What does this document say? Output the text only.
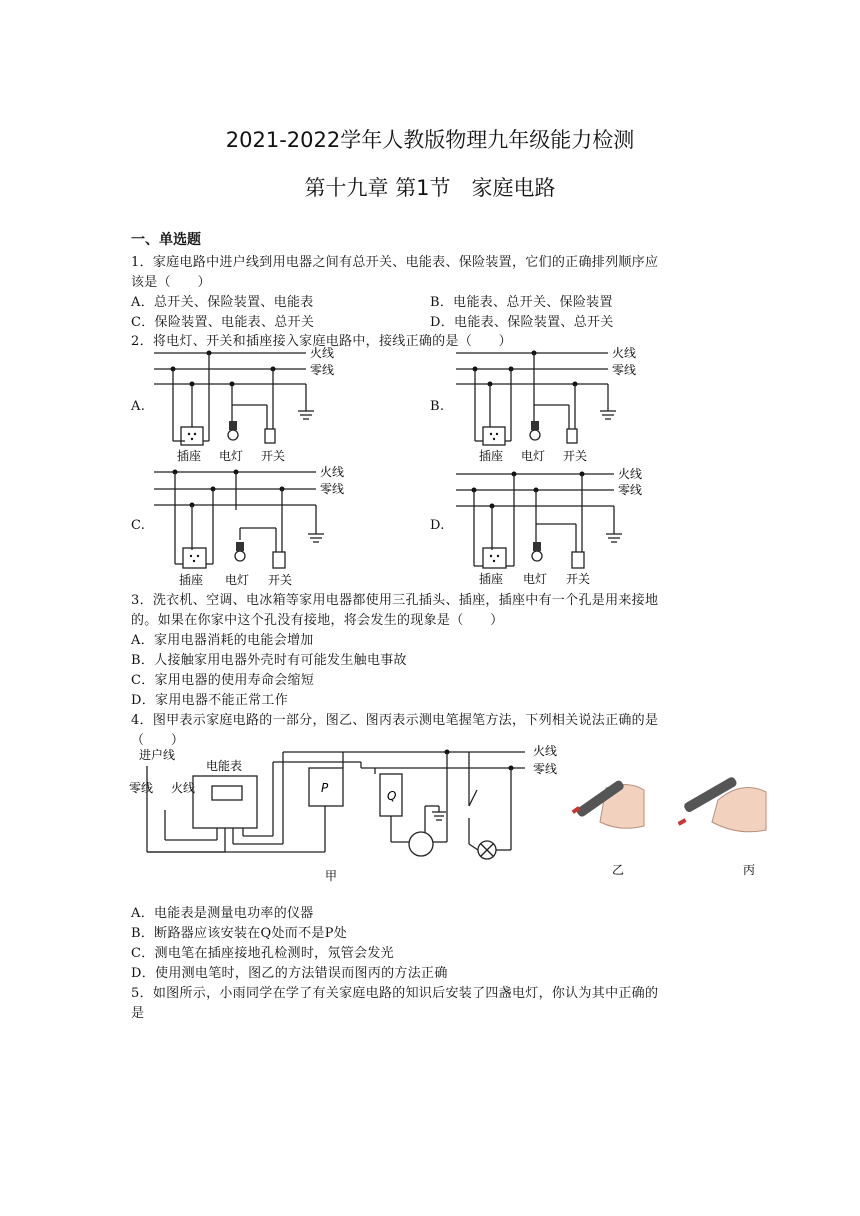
2021-2022学年人教版物理九年级能力检测
第十九章 第1节　家庭电路
一、单选题
1．家庭电路中进户线到用电器之间有总开关、电能表、保险装置，它们的正确排列顺序应
该是（　　）
A．总开关、保险装置、电能表	B．电能表、总开关、保险装置
C．保险装置、电能表、总开关	D．电能表、保险装置、总开关
2．将电灯、开关和插座接入家庭电路中，接线正确的是（　　）
A.	B.
C.	D.
火线
零线
插座 电灯 开关
火线
零线
插座 电灯 开关
火线
零线
插座 电灯 开关
火线
零线
插座 电灯 开关
3．洗衣机、空调、电冰箱等家用电器都使用三孔插头、插座，插座中有一个孔是用来接地
的。如果在你家中这个孔没有接地，将会发生的现象是（　　）
A．家用电器消耗的电能会增加
B．人接触家用电器外壳时有可能发生触电事故
C．家用电器的使用寿命会缩短
D．家用电器不能正常工作
4．图甲表示家庭电路的一部分，图乙、图丙表示测电笔握笔方法，下列相关说法正确的是
（　　）
进户线
电能表
零线 火线
火线
零线
P
Q
甲	乙	丙
A．电能表是测量电功率的仪器
B．断路器应该安装在Q处而不是P处
C．测电笔在插座接地孔检测时，氖管会发光
D．使用测电笔时，图乙的方法错误而图丙的方法正确
5．如图所示，小雨同学在学了有关家庭电路的知识后安装了四盏电灯，你认为其中正确的
是
